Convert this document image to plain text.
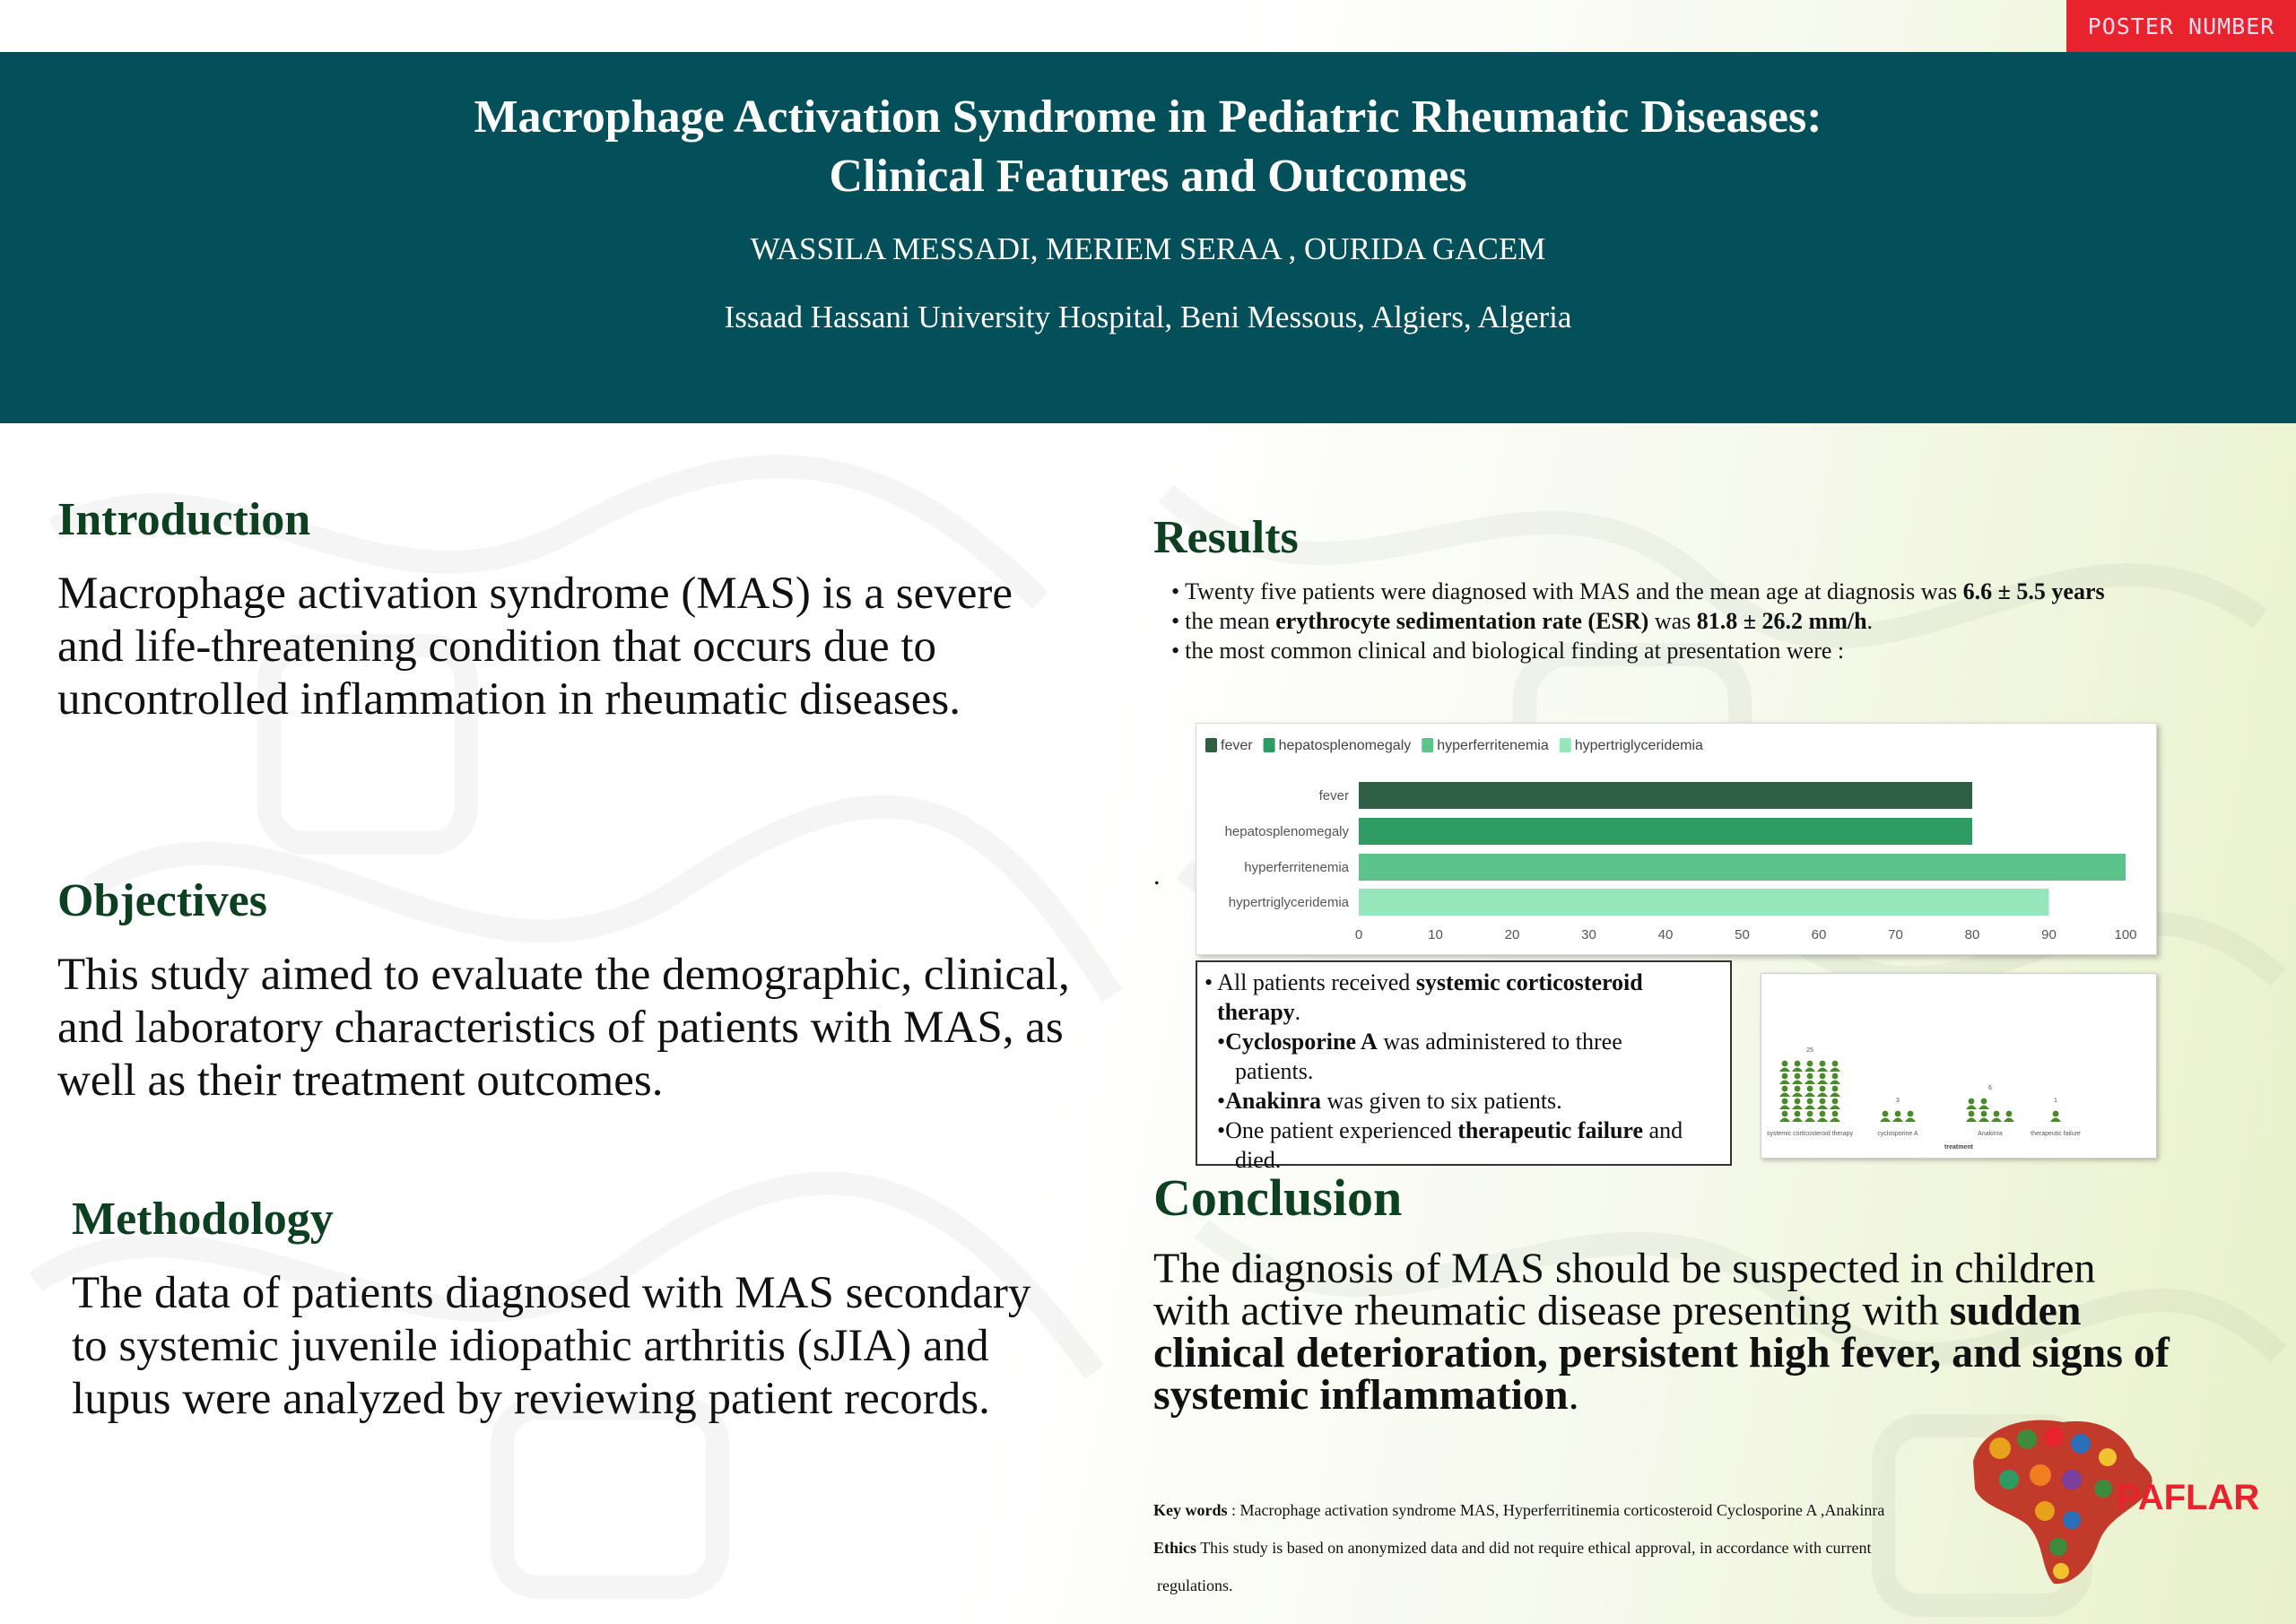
POSTER NUMBER
Macrophage Activation Syndrome in Pediatric Rheumatic Diseases:
Clinical Features and Outcomes
WASSILA MESSADI, MERIEM SERAA , OURIDA GACEM
Issaad Hassani University Hospital, Beni Messous, Algiers, Algeria
Introduction
Macrophage activation syndrome (MAS) is a severe and life-threatening condition that occurs due to uncontrolled inflammation in rheumatic diseases.
Objectives
This study aimed to evaluate the demographic, clinical, and laboratory characteristics of patients with MAS, as well as their treatment outcomes.
Methodology
The data of patients diagnosed with MAS secondary to systemic juvenile idiopathic arthritis (sJIA) and lupus were analyzed by reviewing patient records.
Results
• Twenty five patients were diagnosed with MAS and the mean age at diagnosis was 6.6 ± 5.5 years
• the mean erythrocyte sedimentation rate (ESR) was 81.8 ± 26.2 mm/h.
• the most common clinical and biological finding at presentation were :
.
fever hepatosplenomegaly hyperferritenemia hypertriglyceridemia
fever
hepatosplenomegaly
hyperferritenemia
hypertriglyceridemia
0	10	20	30	40	50	60	70	80	90	100

• All patients received systemic corticosteroid

therapy.

•Cyclosporine A was administered to three

patients.

•Anakinra was given to six patients.

•One patient experienced therapeutic failure and

died.

25
systemic corticosteroid therapy
3
cyclosporine A
6
Anakinra
1
therapeutic failure
treatment
Conclusion
The diagnosis of MAS should be suspected in children with active rheumatic disease presenting with sudden clinical deterioration, persistent high fever, and signs of systemic inflammation.

Key words : Macrophage activation syndrome MAS, Hyperferritinemia corticosteroid Cyclosporine A ,Anakinra

Ethics This study is based on anonymized data and did not require ethical approval, in accordance with current

regulations.

PAFLAR
